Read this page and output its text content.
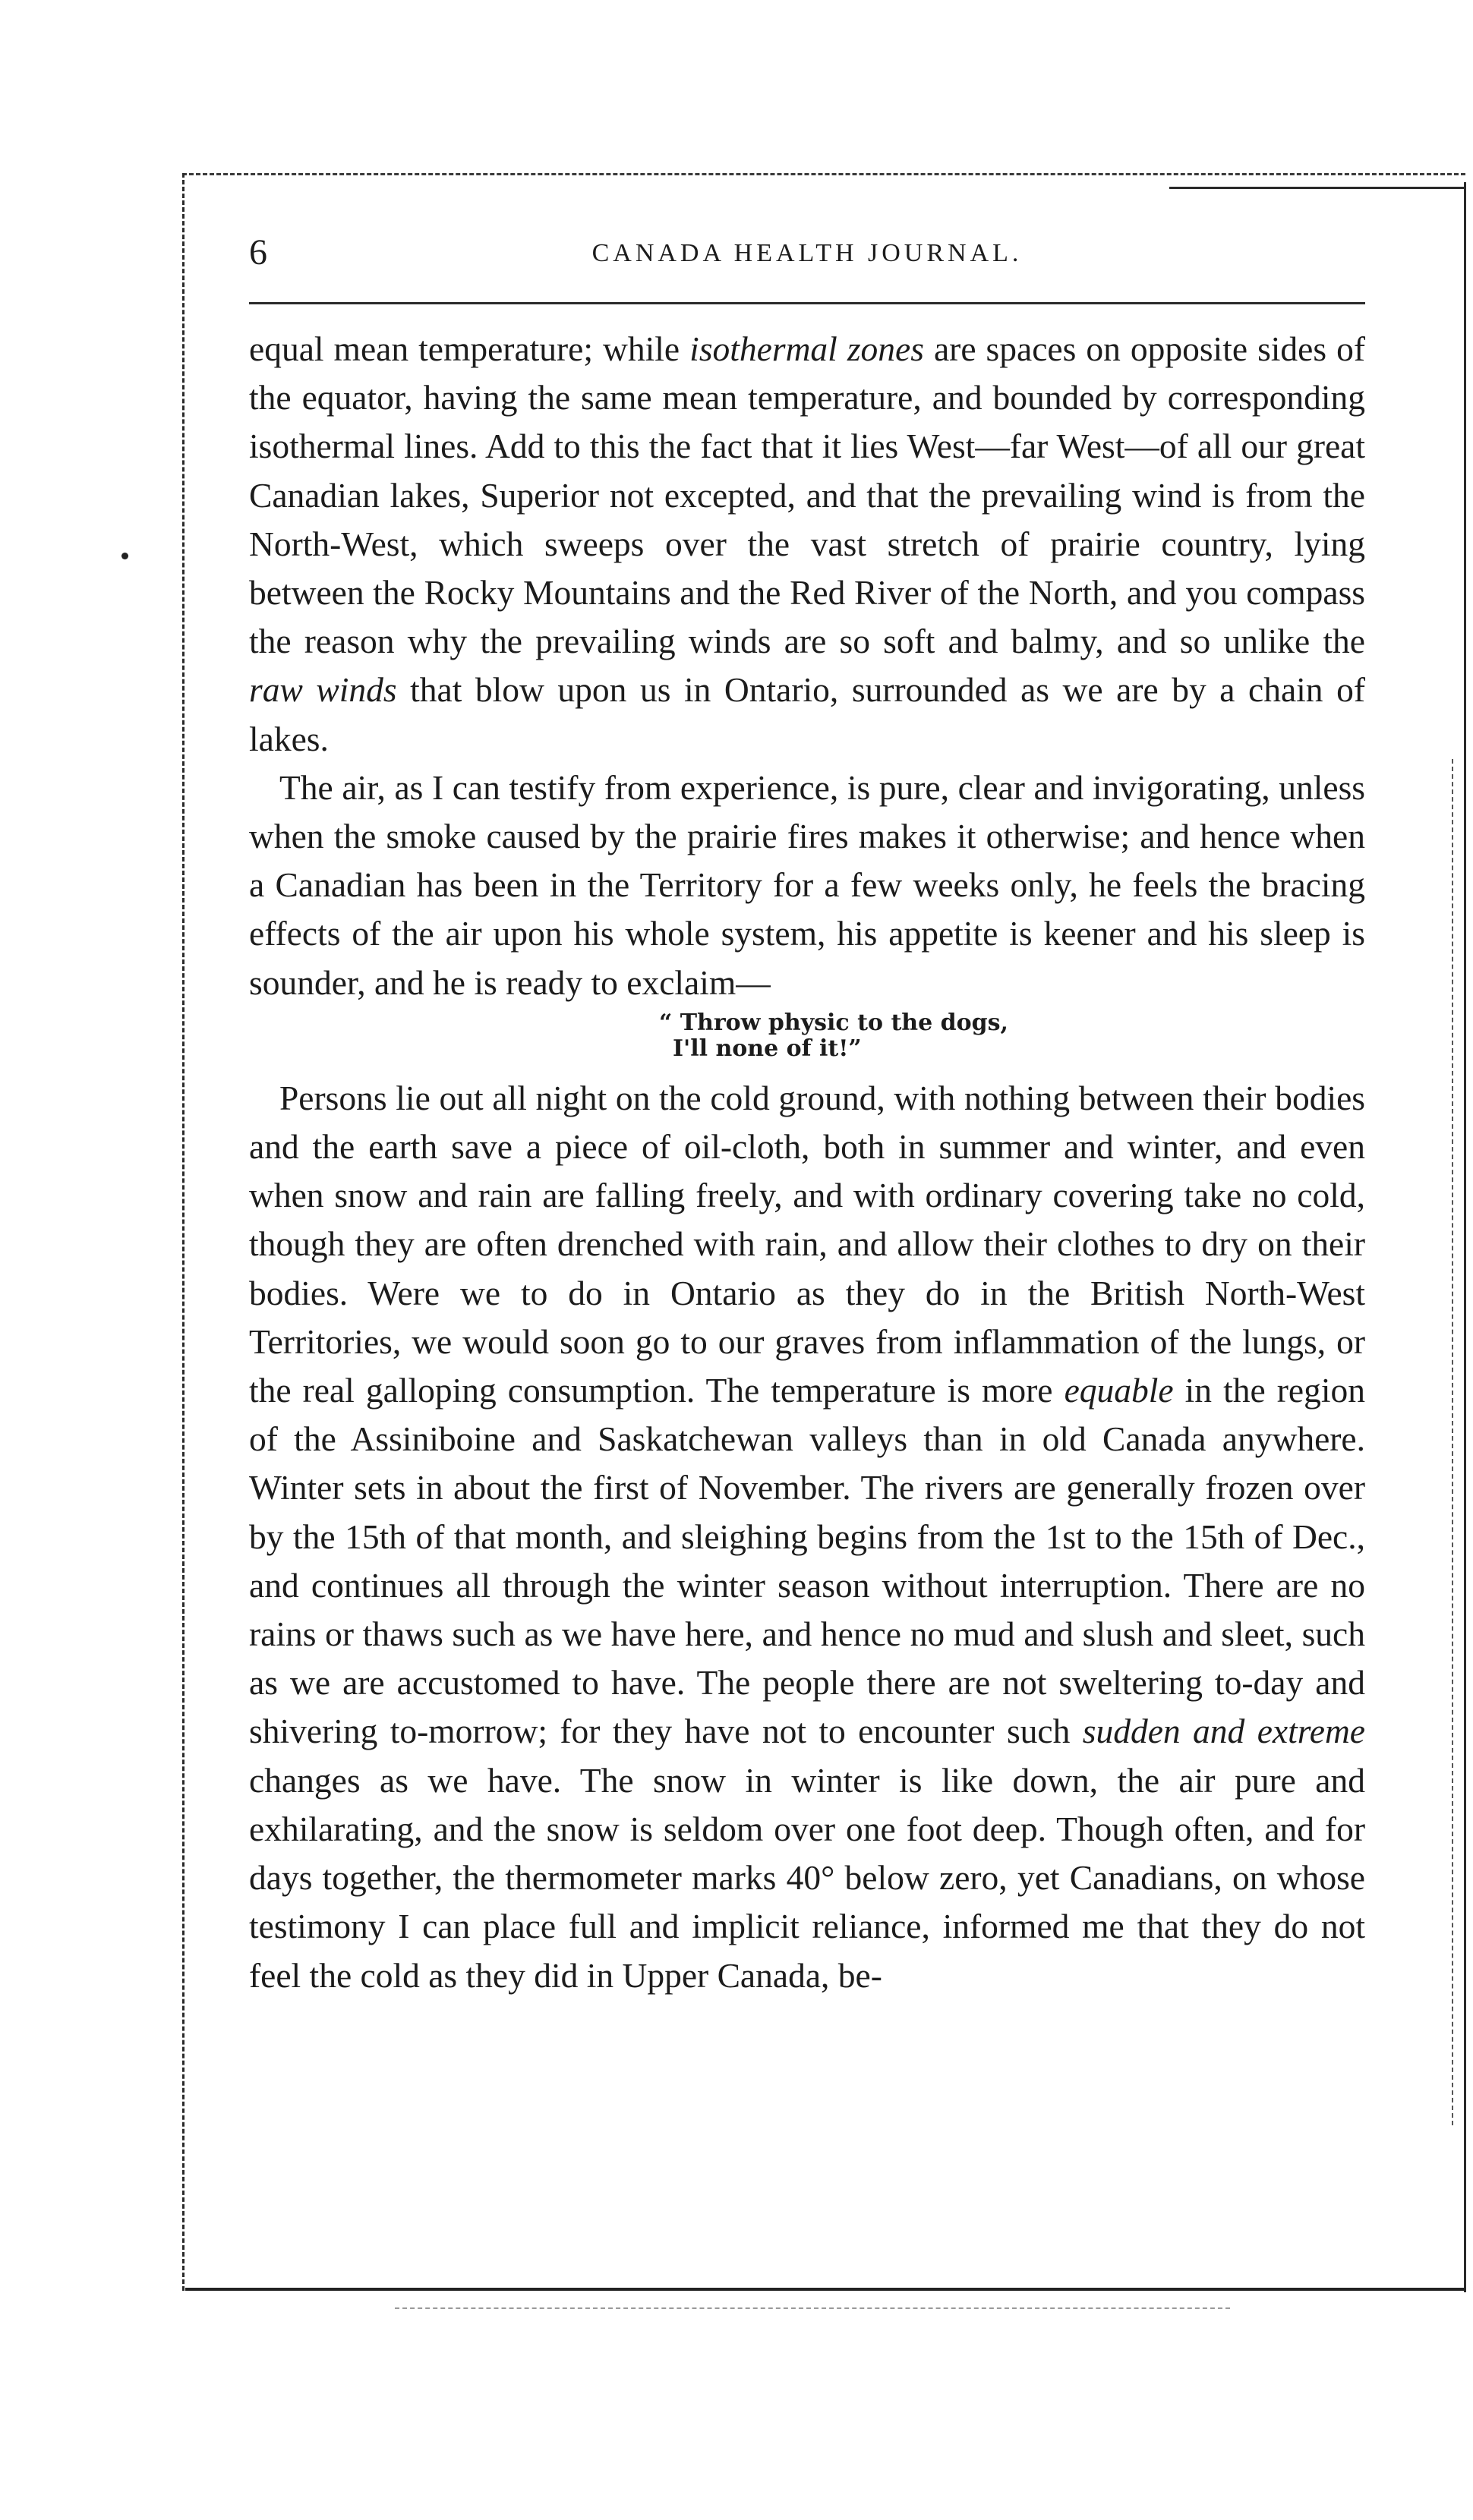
6	CANADA HEALTH JOURNAL.

equal mean temperature; while isothermal zones are spaces on opposite sides of the equator, having the same mean temperature, and bounded by corresponding isothermal lines. Add to this the fact that it lies West—far West—of all our great Canadian lakes, Superior not excepted, and that the prevailing wind is from the North-West, which sweeps over the vast stretch of prairie country, lying between the Rocky Mountains and the Red River of the North, and you compass the reason why the prevailing winds are so soft and balmy, and so unlike the raw winds that blow upon us in Ontario, surrounded as we are by a chain of lakes.

The air, as I can testify from experience, is pure, clear and invigorating, unless when the smoke caused by the prairie fires makes it otherwise; and hence when a Canadian has been in the Territory for a few weeks only, he feels the bracing effects of the air upon his whole system, his appetite is keener and his sleep is sounder, and he is ready to exclaim—

“ Throw physic to the dogs,
I'll none of it!”

Persons lie out all night on the cold ground, with nothing between their bodies and the earth save a piece of oil-cloth, both in summer and winter, and even when snow and rain are falling freely, and with ordinary covering take no cold, though they are often drenched with rain, and allow their clothes to dry on their bodies. Were we to do in Ontario as they do in the British North-West Territories, we would soon go to our graves from inflammation of the lungs, or the real galloping consumption. The temperature is more equable in the region of the Assiniboine and Saskatchewan valleys than in old Canada anywhere. Winter sets in about the first of November. The rivers are generally frozen over by the 15th of that month, and sleighing begins from the 1st to the 15th of Dec., and continues all through the winter season without interruption. There are no rains or thaws such as we have here, and hence no mud and slush and sleet, such as we are accustomed to have. The people there are not sweltering to-day and shivering to-morrow; for they have not to encounter such sudden and extreme changes as we have. The snow in winter is like down, the air pure and exhilarating, and the snow is seldom over one foot deep. Though often, and for days together, the thermometer marks 40° below zero, yet Canadians, on whose testimony I can place full and implicit reliance, informed me that they do not feel the cold as they did in Upper Canada, be-
